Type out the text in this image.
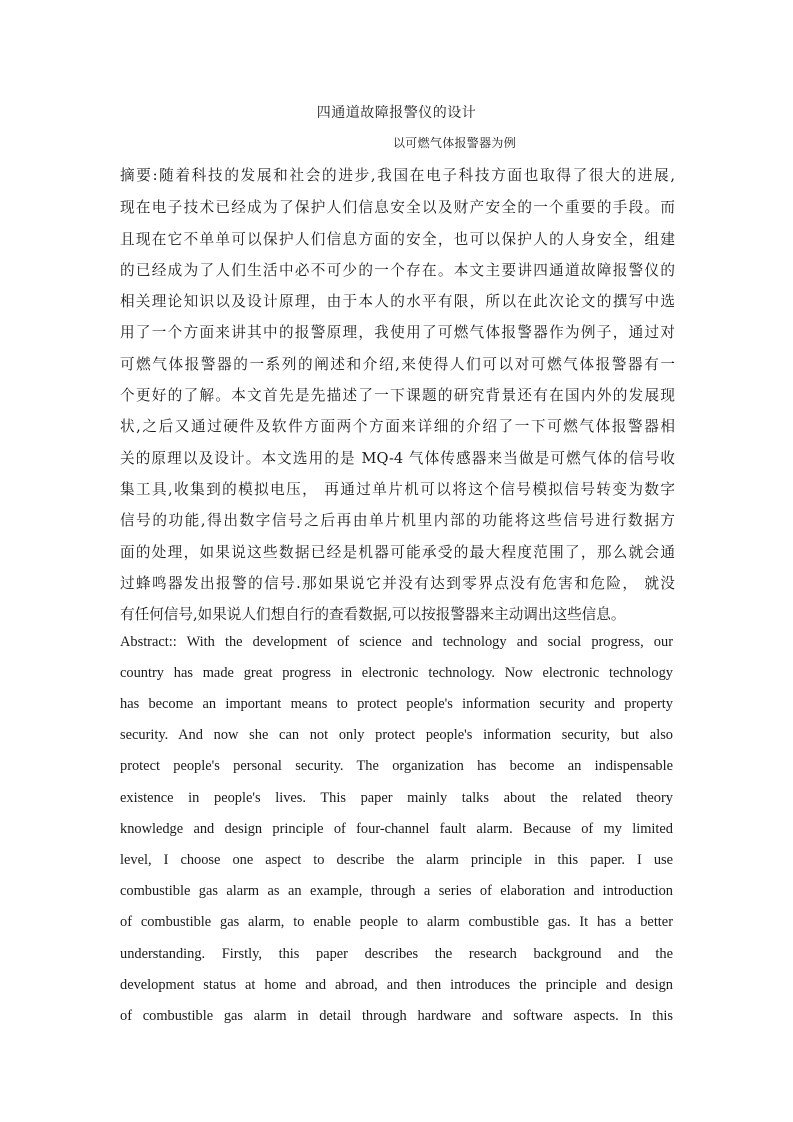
四通道故障报警仪的设计
以可燃气体报警器为例
摘要:随着科技的发展和社会的进步,我国在电子科技方面也取得了很大的进展,
现在电子技术已经成为了保护人们信息安全以及财产安全的一个重要的手段。而
且现在它不单单可以保护人们信息方面的安全，也可以保护人的人身安全，组建
的已经成为了人们生活中必不可少的一个存在。本文主要讲四通道故障报警仪的
相关理论知识以及设计原理，由于本人的水平有限，所以在此次论文的撰写中选
用了一个方面来讲其中的报警原理，我使用了可燃气体报警器作为例子，通过对
可燃气体报警器的一系列的阐述和介绍,来使得人们可以对可燃气体报警器有一
个更好的了解。本文首先是先描述了一下课题的研究背景还有在国内外的发展现
状,之后又通过硬件及软件方面两个方面来详细的介绍了一下可燃气体报警器相
关的原理以及设计。本文选用的是 MQ-4 气体传感器来当做是可燃气体的信号收
集工具,收集到的模拟电压， 再通过单片机可以将这个信号模拟信号转变为数字
信号的功能,得出数字信号之后再由单片机里内部的功能将这些信号进行数据方
面的处理，如果说这些数据已经是机器可能承受的最大程度范围了，那么就会通
过蜂鸣器发出报警的信号.那如果说它并没有达到零界点没有危害和危险， 就没
有任何信号,如果说人们想自行的查看数据,可以按报警器来主动调出这些信息。
Abstract:: With the development of science and technology and social progress, our
country has made great progress in electronic technology. Now electronic technology
has become an important means to protect people's information security and property
security. And now she can not only protect people's information security, but also
protect people's personal security. The organization has become an indispensable
existence in people's lives. This paper mainly talks about the related theory
knowledge and design principle of four-channel fault alarm. Because of my limited
level, I choose one aspect to describe the alarm principle in this paper. I use
combustible gas alarm as an example, through a series of elaboration and introduction
of combustible gas alarm, to enable people to alarm combustible gas. It has a better
understanding. Firstly, this paper describes the research background and the
development status at home and abroad, and then introduces the principle and design
of combustible gas alarm in detail through hardware and software aspects. In this
